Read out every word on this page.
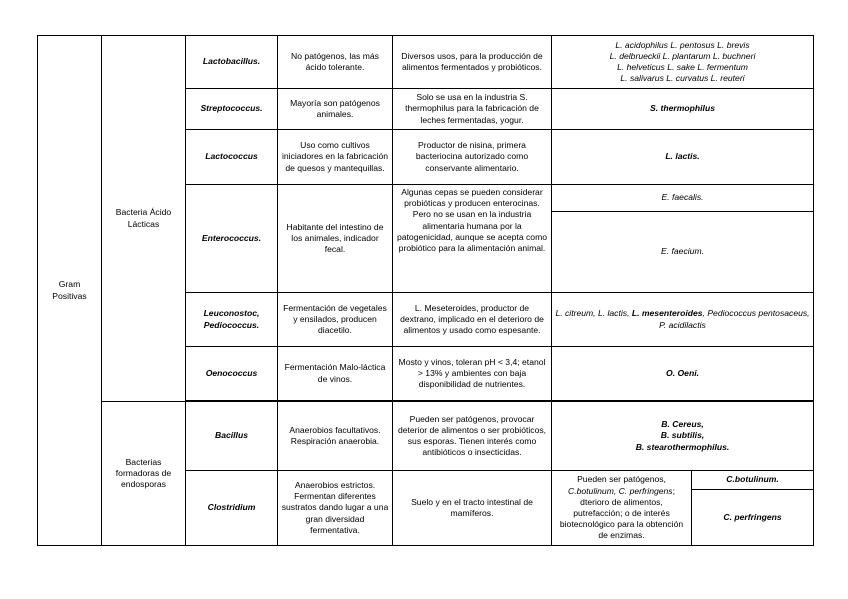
Gram Positivas	Bacteria Ácido Lácticas	Lactobacillus.	No patógenos, las más ácido tolerante.	Diversos usos, para la producción de alimentos fermentados y probióticos.	L. acidophilus L. pentosus L. brevis
L. delbrueckii L. plantarum L. buchneri
L. helveticus L. sake L. fermentum
L. salivarus L. curvatus L. reuteri	

		Streptococcus.	Mayoría son patógenos animales.	Solo se usa en la industria S. thermophilus para la fabricación de leches fermentadas, yogur.	S. thermophilus	
		Lactococcus	Uso como cultivos iniciadores en la fabricación de quesos y mantequillas.	Productor de nisina, primera bacteriocina autorizado como conservante alimentario.	L. lactis.	
		Enterococcus.	Habitante del intestino de los animales, indicador fecal.	Algunas cepas se pueden considerar probióticas y producen enterocinas. Pero no se usan en la industria alimentaria humana por la patogenicidad, aunque se acepta como probiótico para la alimentación animal.	E. faecalis.	
					E. faecium.	
		Leuconostoc, Pediococcus.	Fermentación de vegetales y ensilados, producen diacetilo.	L. Meseteroides, productor de dextrano, implicado en el deterioro de alimentos y usado como espesante.	L. citreum, L. lactis, L. mesenteroides, Pediococcus pentosaceus, P. acidilactis	
		Oenococcus	Fermentación Malo-láctica de vinos.	Mosto y vinos, toleran pH < 3,4; etanol > 13% y ambientes con baja disponibilidad de nutrientes.	O. Oeni.	

	Bacterias formadoras de endosporas	Bacillus	Anaerobios facultativos. Respiración anaerobia.	Pueden ser patógenos, provocar deterior de alimentos o ser probióticos, sus esporas. Tienen interés como antibióticos o insecticidas.	B. Cereus,
B. subtilis,
B. stearothermophilus.	

		Clostridium	Anaerobios estrictos. Fermentan diferentes sustratos dando lugar a una gran diversidad fermentativa.	Suelo y en el tracto intestinal de mamíferos.	Pueden ser patógenos, C.botulinum, C. perfringens; dterioro de alimentos, putrefacción; o de interés biotecnológico para la obtención de enzimas.	C.botulinum.
						C. perfringens
